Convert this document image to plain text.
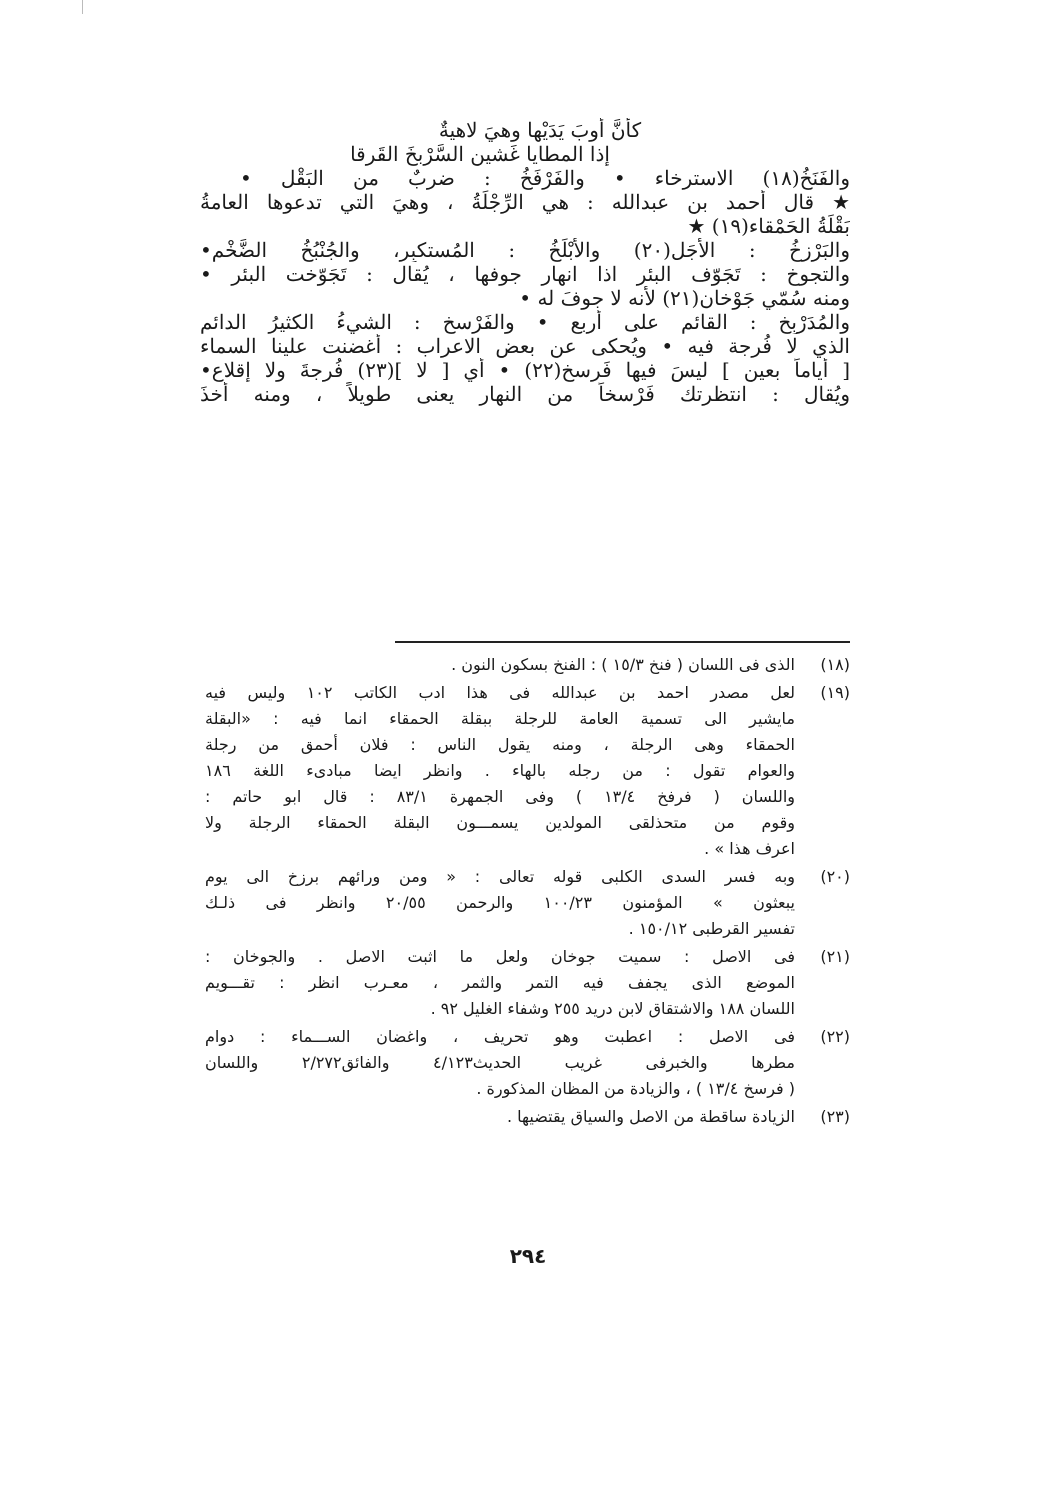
كأنَّ أوبَ يَدَيْها وهيَ لاهيةٌ
إذا المطايا غَشين السَّرْبخَ القَرِقا
والفَنَخُ(١٨) الاسترخاء • والفَرْفَخُ : ضربٌ من البَقْل •
★ قال أحمد بن عبدالله : هي الرِّجْلَةُ ، وهيَ التي تدعوها العامةُ
بَقْلَةُ الحَمْقاء(١٩) ★
والبَرْزخُ : الأَجَل(٢٠) والأبْلَخُ : المُستكبِر، والجُنْبُخُ الضَّخْم•
والتجوخ : تَجَوّف البئر اذا انهار جوفها ، يُقال : تَجَوّخت البئر •
ومنه سُمّي جَوْخان(٢١) لأنه لا جوفَ له •
والمُدَرْبِخ : القائم على أربع • والفَرْسخ : الشيءُ الكثيرُ الدائم
الذي لا فُرجة فيه • ويُحكى عن بعض الاعراب : أغضنت علينا السماء
[ أياماً بعين ] ليسَ فيها فَرسخ(٢٢) • أي [ لا ](٢٣) فُرجةَ ولا إقلاع•
ويُقال : انتظرتك فَرْسخاً من النهار يعنى طويلاً ، ومنه أُخذَ
(١٨)
الذى فى اللسان ( فنخ ١٥/٣ ) : الفنخ بسكون النون .
(١٩)
لعل مصدر احمد بن عبدالله فى هذا ادب الكاتب ١٠٢ وليس فيه
مايشير الى تسمية العامة للرجلة ببقلة الحمقاء انما فيه : «البقلة
الحمقاء وهى الرجلة ، ومنه يقول الناس : فلان أحمق من رجلة
والعوام تقول : من رجله بالهاء . وانظر ايضا مبادىء اللغة ١٨٦
واللسان ( فرفخ ١٣/٤ ) وفى الجمهرة ٨٣/١ : قال ابو حاتم :
وقوم من متحذلقى المولدين يسمـــون البقلة الحمقاء الرجلة ولا
اعرف هذا » .
(٢٠)
وبه فسر السدى الكلبى قوله تعالى : « ومن ورائهم برزخ الى يوم
يبعثون » المؤمنون ١٠٠/٢٣ والرحمن ٢٠/٥٥ وانظر فى ذلـك
تفسير القرطبى ١٥٠/١٢ .
(٢١)
فى الاصل : سميت جوخان ولعل ما اثبت الاصل . والجوخان :
الموضع الذى يجفف فيه التمر والثمر ، معـرب انظر : تقـــويم
اللسان ١٨٨ والاشتقاق لابن دريد ٢٥٥ وشفاء الغليل ٩٢ .
(٢٢)
فى الاصل : اعطبت وهو تحريف ، واغضان الســـماء : دوام
مطرها والخبرفى غريب الحديث٤/١٢٣ والفائق٢/٢٧٢ واللسان
( فرسخ ١٣/٤ ) ، والزيادة من المظان المذكورة .
(٢٣)
الزيادة ساقطة من الاصل والسياق يقتضيها .
٢٩٤
